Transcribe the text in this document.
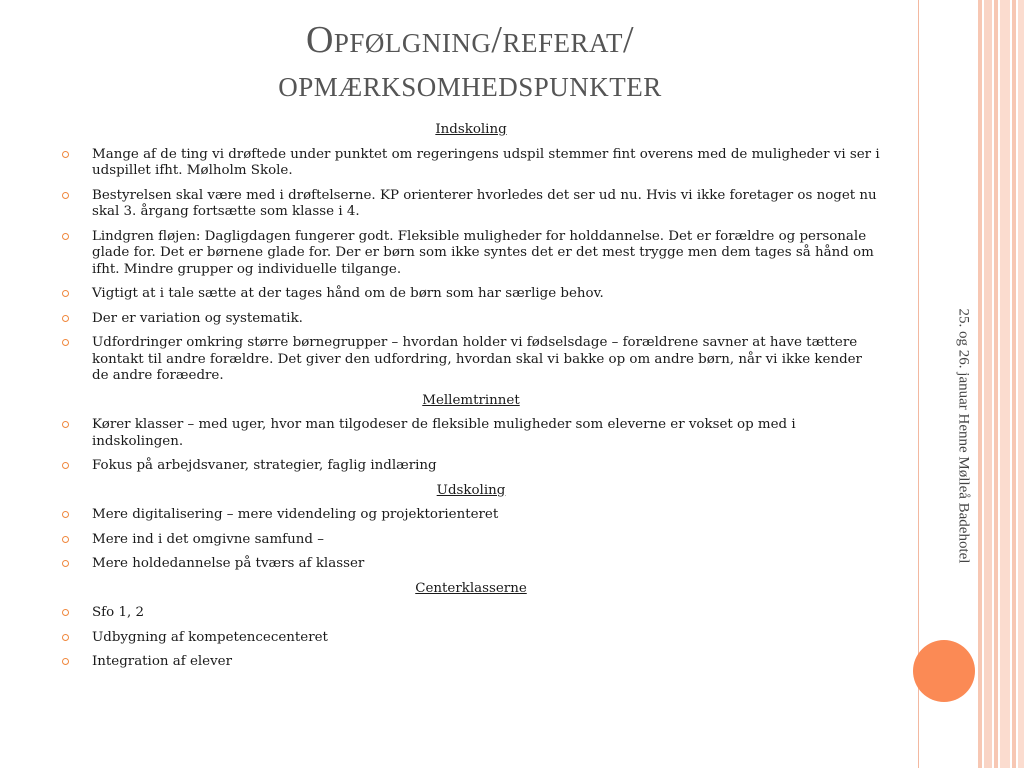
25. og 26. januar Henne Mølleå Badehotel
Opfølgning/referat/
opmærksomhedspunkter
Indskoling
Mange af de ting vi drøftede under punktet om regeringens udspil stemmer fint overens med de muligheder vi ser i udspillet ifht. Mølholm Skole.
Bestyrelsen skal være med i drøftelserne. KP orienterer hvorledes det ser ud nu. Hvis vi ikke foretager os noget nu skal 3. årgang fortsætte som klasse i 4.
Lindgren fløjen: Dagligdagen fungerer godt. Fleksible muligheder for holddannelse. Det er forældre og personale glade for. Det er børnene glade for. Der er børn som ikke syntes det er det mest trygge men dem tages så hånd om ifht. Mindre grupper og individuelle tilgange.
Vigtigt at i tale sætte at der tages hånd om de børn som har særlige behov.
Der er variation og systematik.
Udfordringer omkring større børnegrupper – hvordan holder vi fødselsdage – forældrene savner at have tættere kontakt til andre forældre. Det giver den udfordring, hvordan skal vi bakke op om andre børn, når vi ikke kender de andre foræedre.
Mellemtrinnet
Kører klasser – med uger, hvor man tilgodeser de fleksible muligheder som eleverne er vokset op med i indskolingen.
Fokus på arbejdsvaner, strategier, faglig indlæring
Udskoling
Mere digitalisering – mere videndeling og projektorienteret
Mere ind i det omgivne samfund –
Mere holdedannelse på tværs af klasser
Centerklasserne
Sfo 1, 2
Udbygning af kompetencecenteret
Integration af elever
